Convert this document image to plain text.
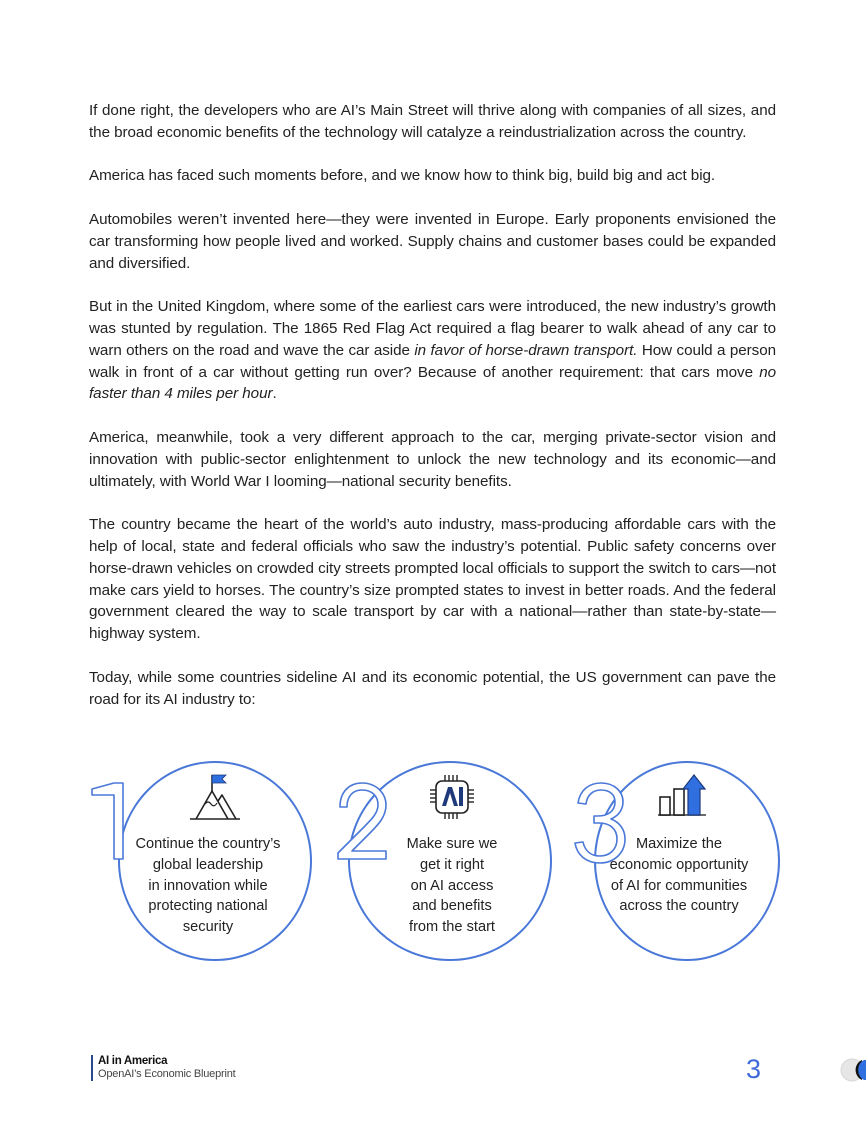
If done right, the developers who are AI’s Main Street will thrive along with companies of all sizes, and the broad economic benefits of the technology will catalyze a reindustrialization across the country.

America has faced such moments before, and we know how to think big, build big and act big.

Automobiles weren’t invented here—they were invented in Europe. Early proponents envisioned the car transforming how people lived and worked. Supply chains and customer bases could be expanded and diversified.

But in the United Kingdom, where some of the earliest cars were introduced, the new industry’s growth was stunted by regulation. The 1865 Red Flag Act required a flag bearer to walk ahead of any car to warn others on the road and wave the car aside in favor of horse-drawn transport. How could a person walk in front of a car without getting run over? Because of another requirement: that cars move no faster than 4 miles per hour.

America, meanwhile, took a very different approach to the car, merging private-sector vision and innovation with public-sector enlightenment to unlock the new technology and its economic—and ultimately, with World War I looming—national security benefits.

The country became the heart of the world’s auto industry, mass-producing affordable cars with the help of local, state and federal officials who saw the industry’s potential. Public safety concerns over horse-drawn vehicles on crowded city streets prompted local officials to support the switch to cars—not make cars yield to horses. The country’s size prompted states to invest in better roads. And the federal government cleared the way to scale transport by car with a national—rather than state-by-state—highway system.

Today, while some countries sideline AI and its economic potential, the US government can pave the road for its AI industry to:

Continue the country’s
global leadership
in innovation while
protecting national
security
Make sure we
get it right
on AI access
and benefits
from the start
Maximize the
economic opportunity
of AI for communities
across the country
AI in America
OpenAI’s Economic Blueprint	3
